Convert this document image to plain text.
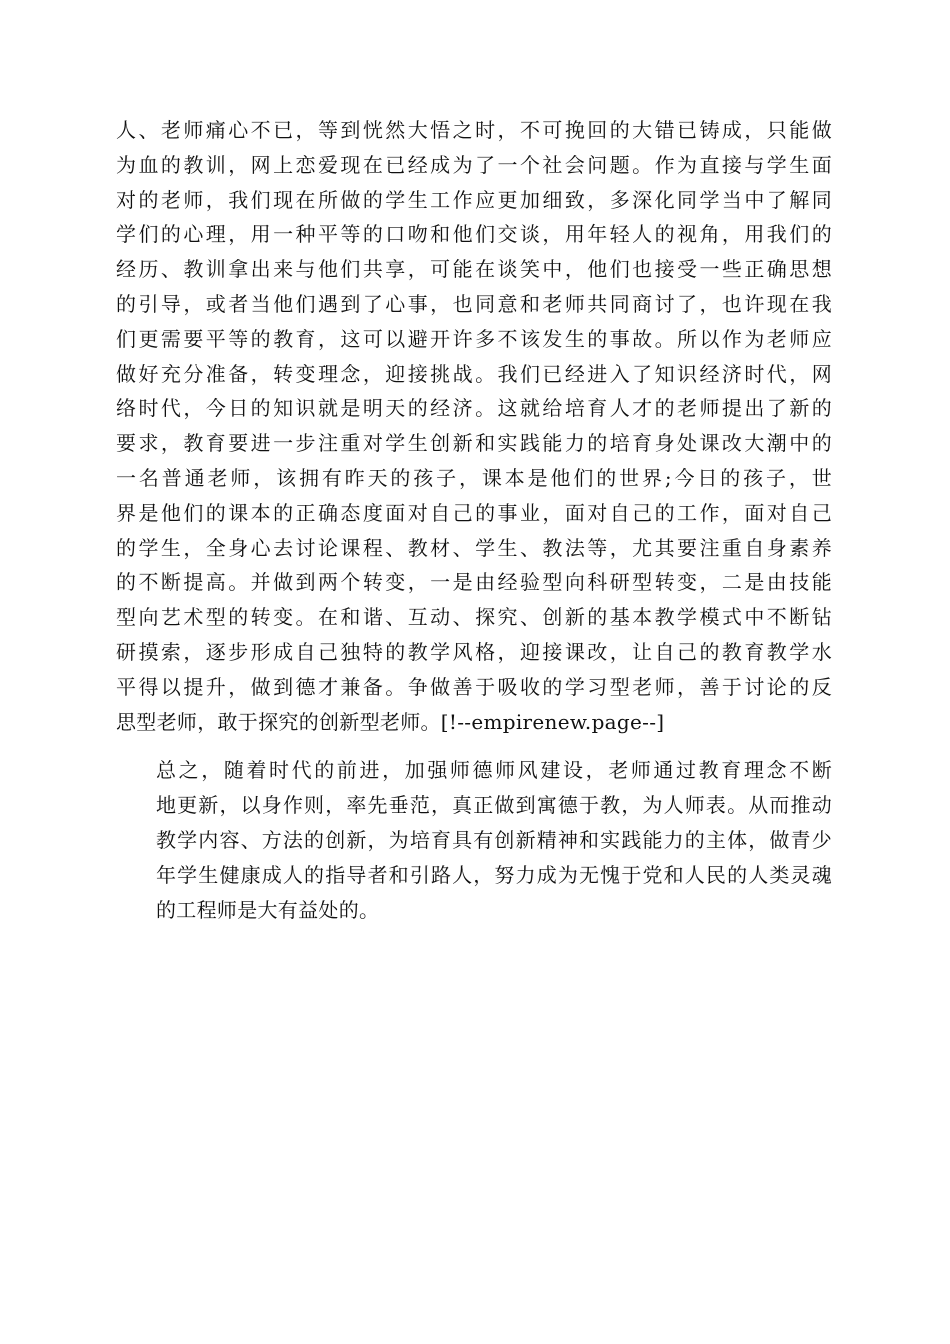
人、老师痛心不已，等到恍然大悟之时，不可挽回的大错已铸成，只能做
为血的教训，网上恋爱现在已经成为了一个社会问题。作为直接与学生面
对的老师，我们现在所做的学生工作应更加细致，多深化同学当中了解同
学们的心理，用一种平等的口吻和他们交谈，用年轻人的视角，用我们的
经历、教训拿出来与他们共享，可能在谈笑中，他们也接受一些正确思想
的引导，或者当他们遇到了心事，也同意和老师共同商讨了，也许现在我
们更需要平等的教育，这可以避开许多不该发生的事故。所以作为老师应
做好充分准备，转变理念，迎接挑战。我们已经进入了知识经济时代，网
络时代，今日的知识就是明天的经济。这就给培育人才的老师提出了新的
要求，教育要进一步注重对学生创新和实践能力的培育身处课改大潮中的
一名普通老师，该拥有昨天的孩子，课本是他们的世界;今日的孩子，世
界是他们的课本的正确态度面对自己的事业，面对自己的工作，面对自己
的学生，全身心去讨论课程、教材、学生、教法等，尤其要注重自身素养
的不断提高。并做到两个转变，一是由经验型向科研型转变，二是由技能
型向艺术型的转变。在和谐、互动、探究、创新的基本教学模式中不断钻
研摸索，逐步形成自己独特的教学风格，迎接课改，让自己的教育教学水
平得以提升，做到德才兼备。争做善于吸收的学习型老师，善于讨论的反
思型老师，敢于探究的创新型老师。[!--empirenew.page--]

总之，随着时代的前进，加强师德师风建设，老师通过教育理念不断
地更新，以身作则，率先垂范，真正做到寓德于教，为人师表。从而推动
教学内容、方法的创新，为培育具有创新精神和实践能力的主体，做青少
年学生健康成人的指导者和引路人，努力成为无愧于党和人民的人类灵魂
的工程师是大有益处的。
